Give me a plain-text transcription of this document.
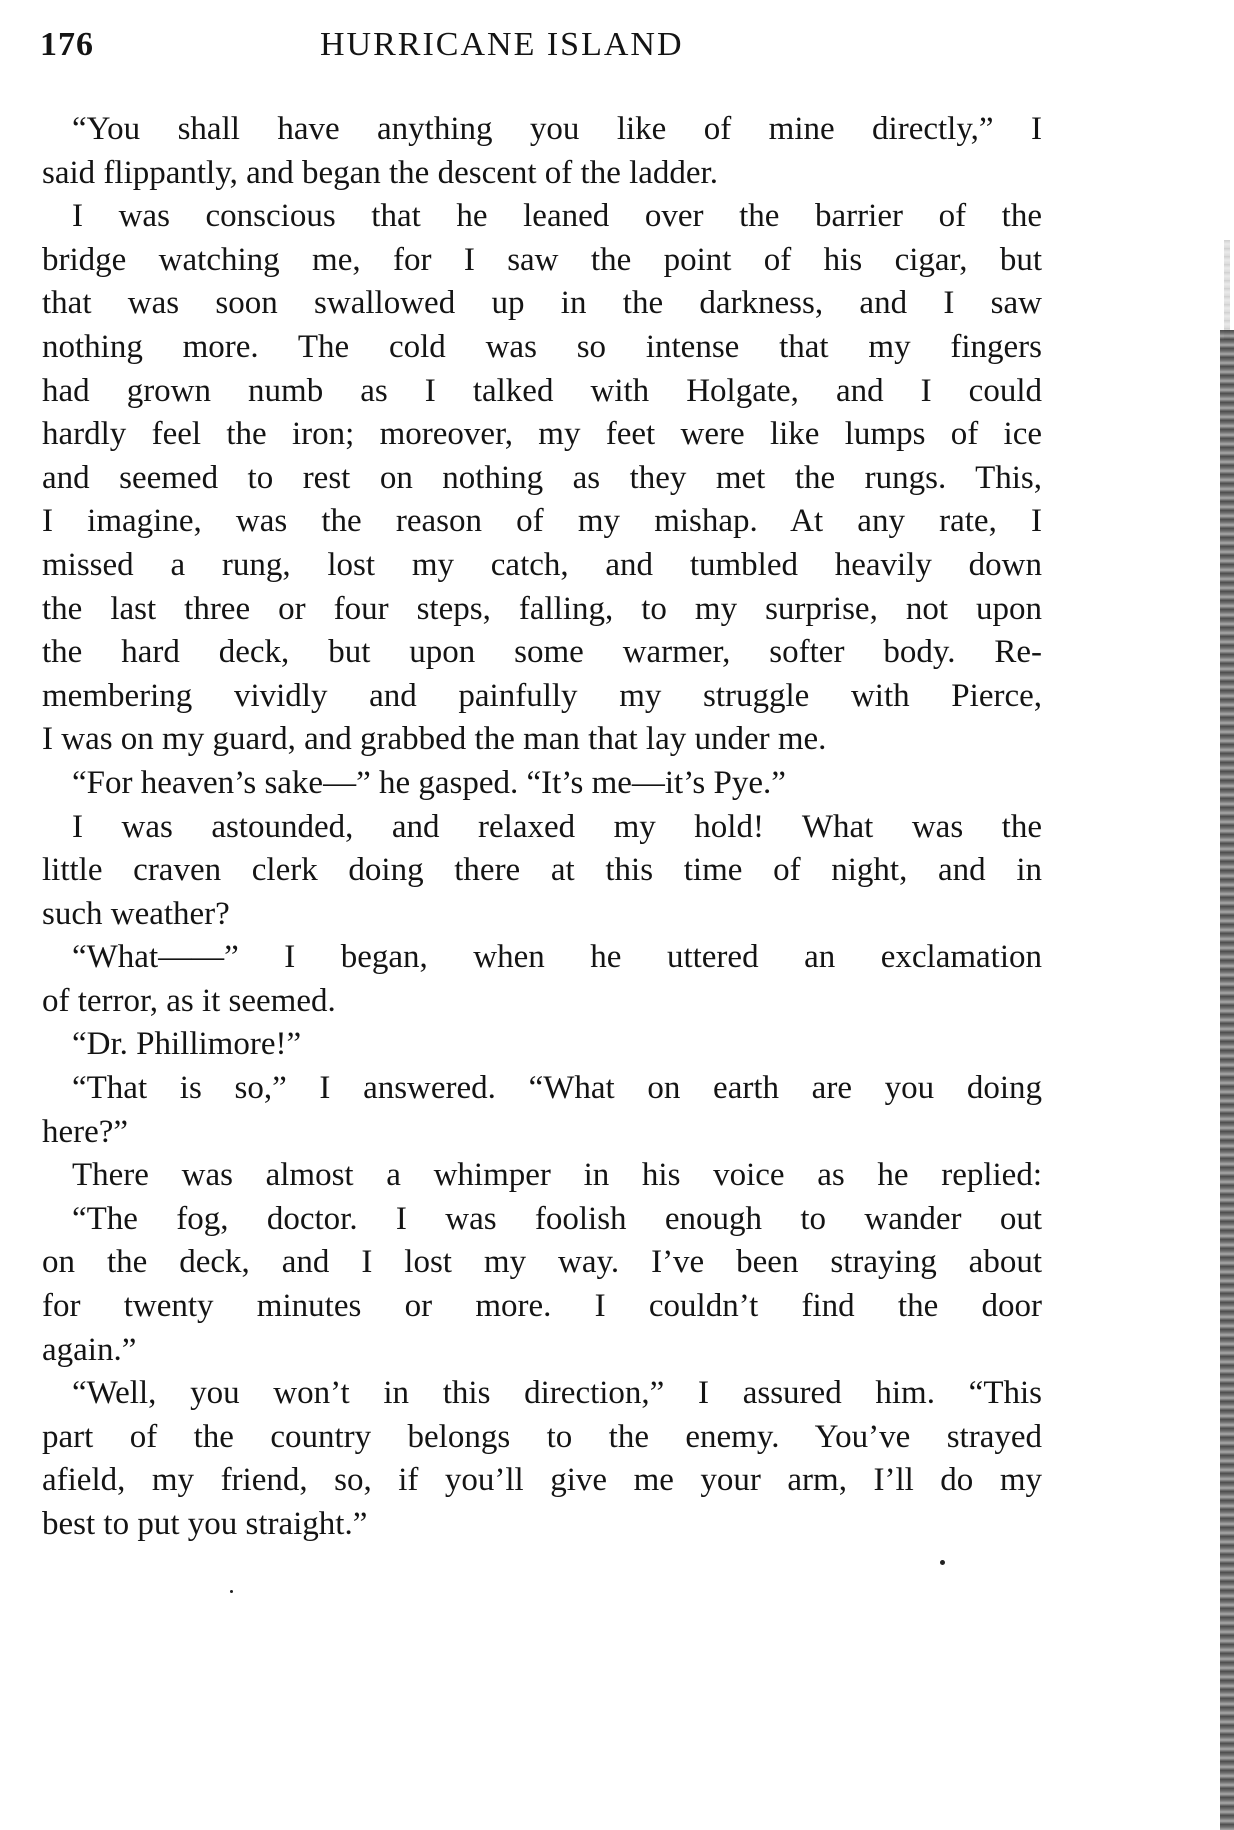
176	HURRICANE ISLAND
“You shall have anything you like of mine directly,” I
said flippantly, and began the descent of the ladder.
I was conscious that he leaned over the barrier of the
bridge watching me, for I saw the point of his cigar, but
that was soon swallowed up in the darkness, and I saw
nothing more. The cold was so intense that my fingers
had grown numb as I talked with Holgate, and I could
hardly feel the iron; moreover, my feet were like lumps of ice
and seemed to rest on nothing as they met the rungs. This,
I imagine, was the reason of my mishap. At any rate, I
missed a rung, lost my catch, and tumbled heavily down
the last three or four steps, falling, to my surprise, not upon
the hard deck, but upon some warmer, softer body. Re-
membering vividly and painfully my struggle with Pierce,
I was on my guard, and grabbed the man that lay under me.
“For heaven’s sake—” he gasped. “It’s me—it’s Pye.”
I was astounded, and relaxed my hold! What was the
little craven clerk doing there at this time of night, and in
such weather?
“What——” I began, when he uttered an exclamation
of terror, as it seemed.
“Dr. Phillimore!”
“That is so,” I answered. “What on earth are you doing
here?”
There was almost a whimper in his voice as he replied:
“The fog, doctor. I was foolish enough to wander out
on the deck, and I lost my way. I’ve been straying about
for twenty minutes or more. I couldn’t find the door
again.”
“Well, you won’t in this direction,” I assured him. “This
part of the country belongs to the enemy. You’ve strayed
afield, my friend, so, if you’ll give me your arm, I’ll do my
best to put you straight.”
